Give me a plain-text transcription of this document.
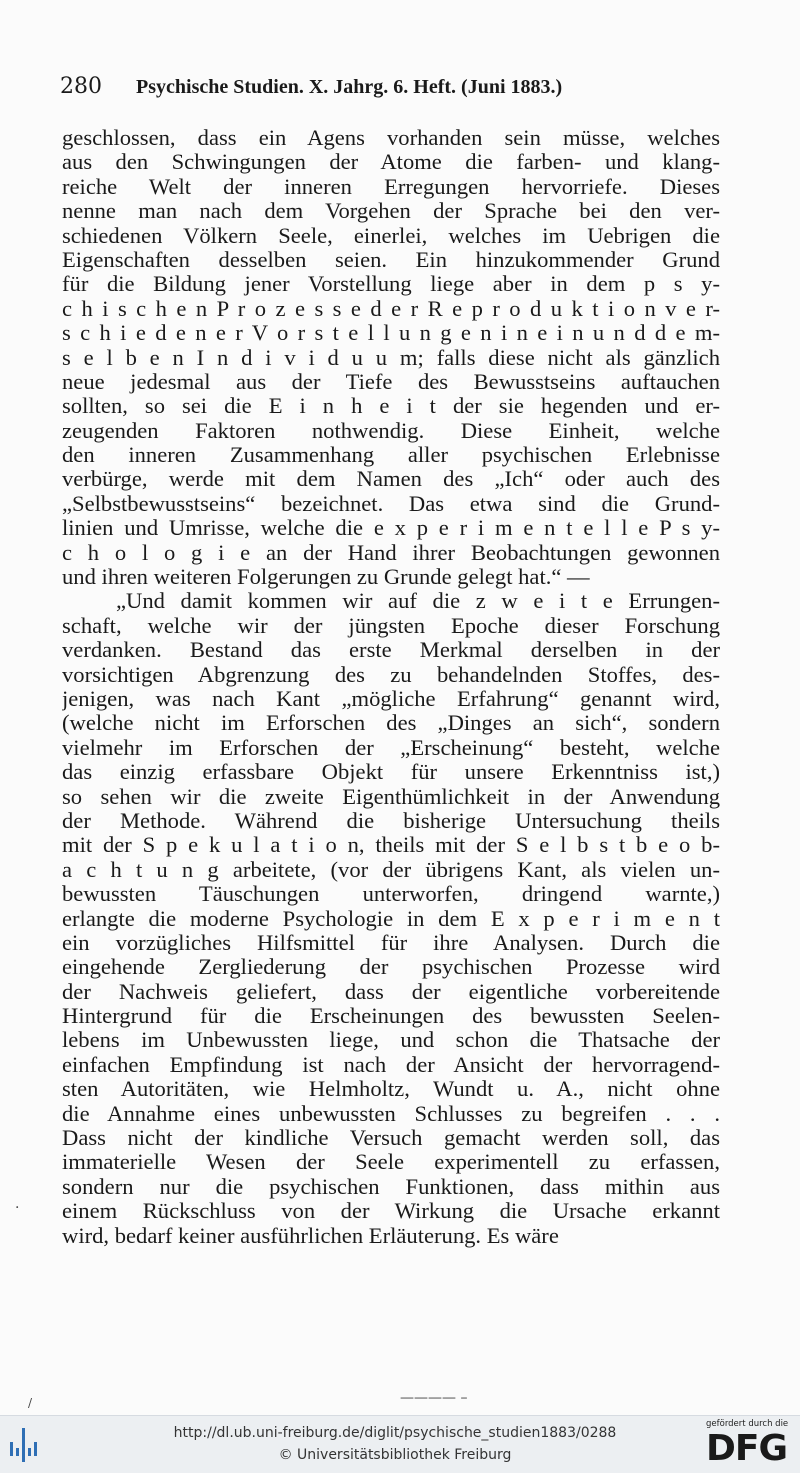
280 Psychische Studien. X. Jahrg. 6. Heft. (Juni 1883.)
geschlossen, dass ein Agens vorhanden sein müsse, welches
aus den Schwingungen der Atome die farben- und klang-
reiche Welt der inneren Erregungen hervorriefe. Dieses
nenne man nach dem Vorgehen der Sprache bei den ver-
schiedenen Völkern Seele, einerlei, welches im Uebrigen die
Eigenschaften desselben seien. Ein hinzukommender Grund
für die Bildung jener Vorstellung liege aber in dem p s y-
c h i s c h e n P r o z e s s e d e r R e p r o d u k t i o n v e r-
s c h i e d e n e r V o r s t e l l u n g e n i n e i n u n d d e m-
s e l b e n I n d i v i d u u m; falls diese nicht als gänzlich
neue jedesmal aus der Tiefe des Bewusstseins auftauchen
sollten, so sei die E i n h e i t der sie hegenden und er-
zeugenden Faktoren nothwendig. Diese Einheit, welche
den inneren Zusammenhang aller psychischen Erlebnisse
verbürge, werde mit dem Namen des „Ich“ oder auch des
„Selbstbewusstseins“ bezeichnet. Das etwa sind die Grund-
linien und Umrisse, welche die e x p e r i m e n t e l l e P s y-
c h o l o g i e an der Hand ihrer Beobachtungen gewonnen
und ihren weiteren Folgerungen zu Grunde gelegt hat.“ —
„Und damit kommen wir auf die z w e i t e Errungen-
schaft, welche wir der jüngsten Epoche dieser Forschung
verdanken. Bestand das erste Merkmal derselben in der
vorsichtigen Abgrenzung des zu behandelnden Stoffes, des-
jenigen, was nach Kant „mögliche Erfahrung“ genannt wird,
(welche nicht im Erforschen des „Dinges an sich“, sondern
vielmehr im Erforschen der „Erscheinung“ besteht, welche
das einzig erfassbare Objekt für unsere Erkenntniss ist,)
so sehen wir die zweite Eigenthümlichkeit in der Anwendung
der Methode. Während die bisherige Untersuchung theils
mit der S p e k u l a t i o n, theils mit der S e l b s t b e o b-
a c h t u n g arbeitete, (vor der übrigens Kant, als vielen un-
bewussten Täuschungen unterworfen, dringend warnte,)
erlangte die moderne Psychologie in dem E x p e r i m e n t
ein vorzügliches Hilfsmittel für ihre Analysen. Durch die
eingehende Zergliederung der psychischen Prozesse wird
der Nachweis geliefert, dass der eigentliche vorbereitende
Hintergrund für die Erscheinungen des bewussten Seelen-
lebens im Unbewussten liege, und schon die Thatsache der
einfachen Empfindung ist nach der Ansicht der hervorragend-
sten Autoritäten, wie Helmholtz, Wundt u. A., nicht ohne
die Annahme eines unbewussten Schlusses zu begreifen . . .
Dass nicht der kindliche Versuch gemacht werden soll, das
immaterielle Wesen der Seele experimentell zu erfassen,
sondern nur die psychischen Funktionen, dass mithin aus
einem Rückschluss von der Wirkung die Ursache erkannt
wird, bedarf keiner ausführlichen Erläuterung. Es wäre
·
/	———— –
http://dl.ub.uni-freiburg.de/diglit/psychische_studien1883/0288
© Universitätsbibliothek Freiburg
gefördert durch die
DFG
